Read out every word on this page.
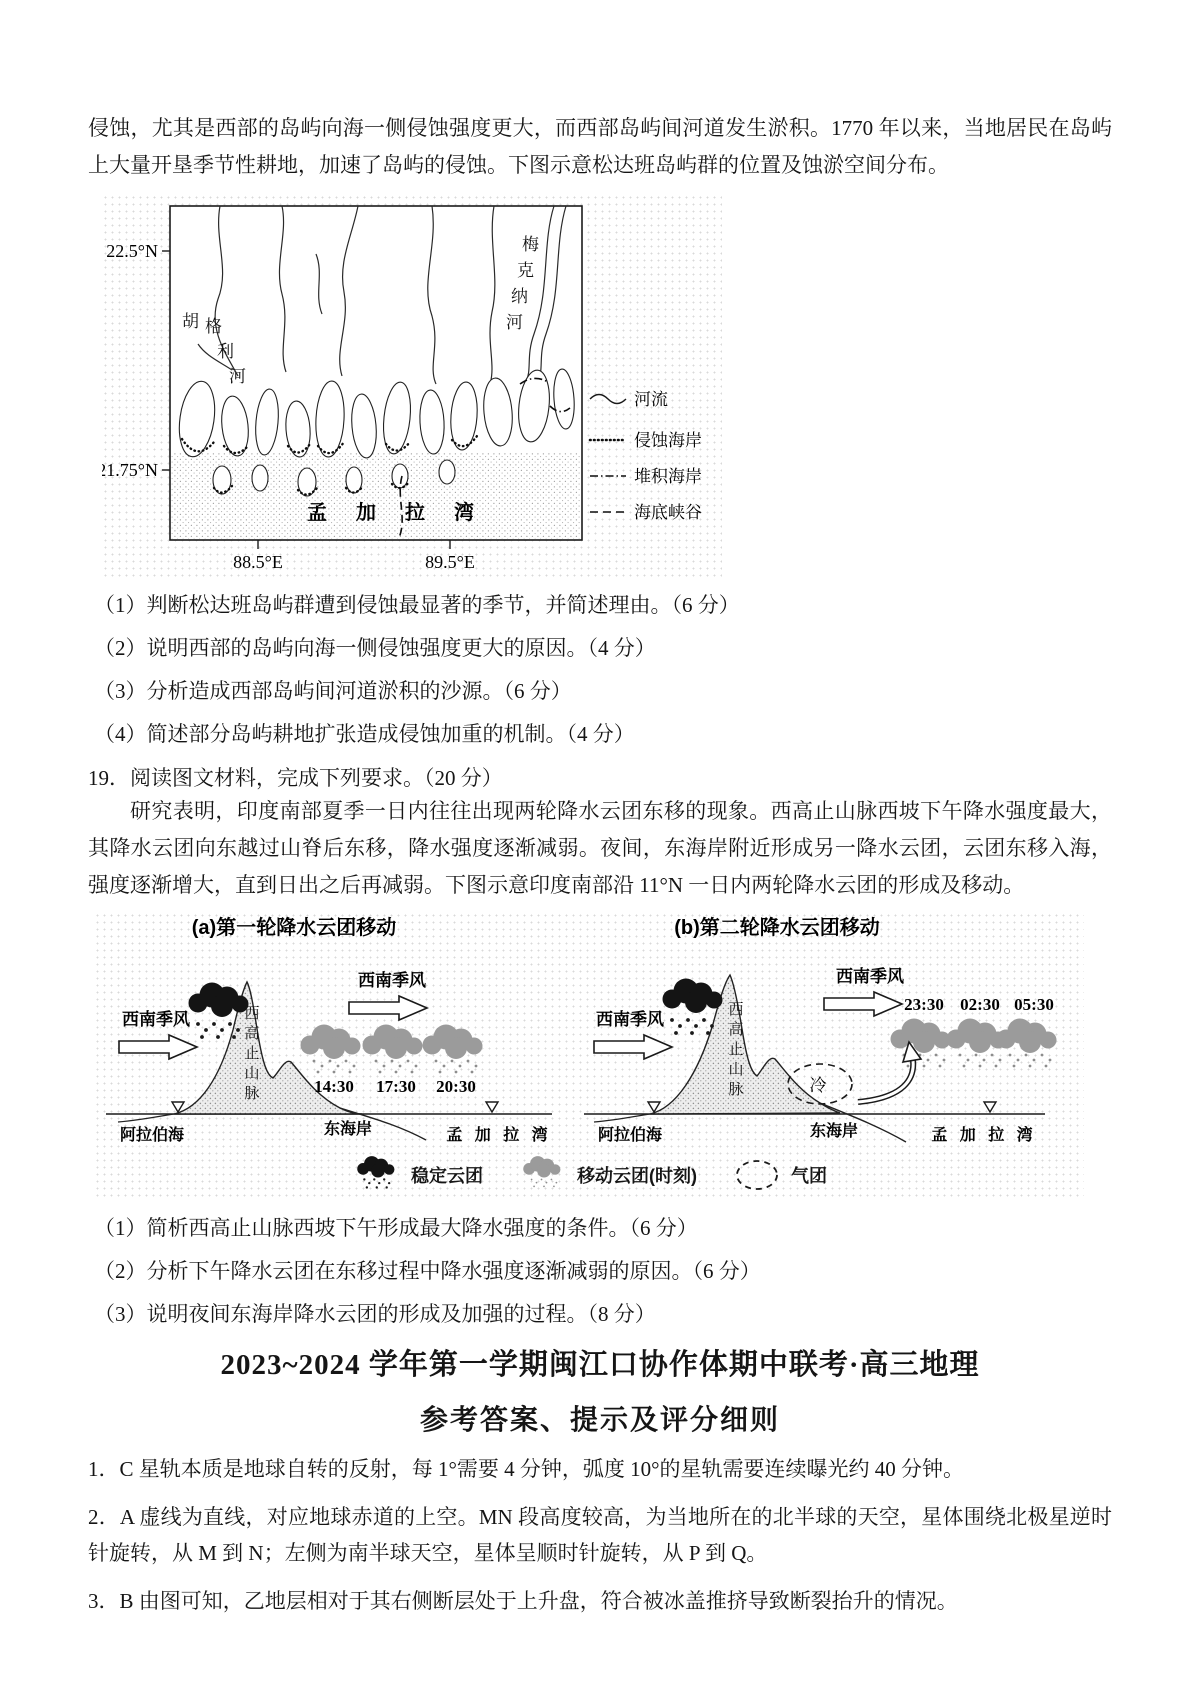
侵蚀，尤其是西部的岛屿向海一侧侵蚀强度更大，而西部岛屿间河道发生淤积。1770 年以来，当地居民在岛屿上大量开垦季节性耕地，加速了岛屿的侵蚀。下图示意松达班岛屿群的位置及蚀淤空间分布。

胡 格
利
河
梅
克
纳
河
孟 加 拉 湾
22.5°N
21.75°N
88.5°E	89.5°E
河流
侵蚀海岸
堆积海岸
海底峡谷

（1）判断松达班岛屿群遭到侵蚀最显著的季节，并简述理由。（6 分）

（2）说明西部的岛屿向海一侧侵蚀强度更大的原因。（4 分）

（3）分析造成西部岛屿间河道淤积的沙源。（6 分）

（4）简述部分岛屿耕地扩张造成侵蚀加重的机制。（4 分）

19．阅读图文材料，完成下列要求。（20 分）

研究表明，印度南部夏季一日内往往出现两轮降水云团东移的现象。西高止山脉西坡下午降水强度最大，其降水云团向东越过山脊后东移，降水强度逐渐减弱。夜间，东海岸附近形成另一降水云团，云团东移入海，强度逐渐增大，直到日出之后再减弱。下图示意印度南部沿 11°N 一日内两轮降水云团的形成及移动。

(a)第一轮降水云团移动
西
高
止
山
脉
西南季风
西南季风
14:30 17:30 20:30
阿拉伯海	东海岸	孟 加 拉 湾
(b)第二轮降水云团移动
西
高
止
山
脉
西南季风
西南季风
23:30 02:30 05:30
冷
阿拉伯海	东海岸	孟 加 拉 湾
稳定云团	移动云团(时刻)	气团

（1）简析西高止山脉西坡下午形成最大降水强度的条件。（6 分）

（2）分析下午降水云团在东移过程中降水强度逐渐减弱的原因。（6 分）

（3）说明夜间东海岸降水云团的形成及加强的过程。（8 分）

2023~2024 学年第一学期闽江口协作体期中联考·高三地理
参考答案、提示及评分细则

1．C 星轨本质是地球自转的反射，每 1°需要 4 分钟，弧度 10°的星轨需要连续曝光约 40 分钟。

2．A 虚线为直线，对应地球赤道的上空。MN 段高度较高，为当地所在的北半球的天空，星体围绕北极星逆时针旋转，从 M 到 N；左侧为南半球天空，星体呈顺时针旋转，从 P 到 Q。

3．B 由图可知，乙地层相对于其右侧断层处于上升盘，符合被冰盖推挤导致断裂抬升的情况。
